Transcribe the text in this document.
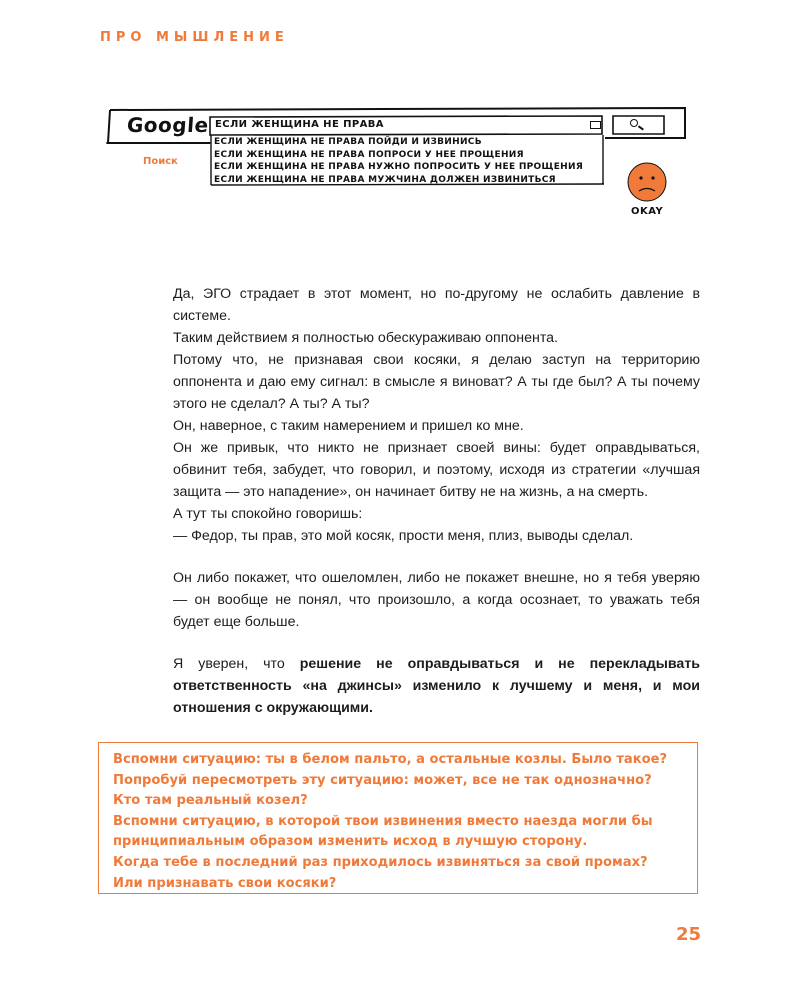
ПРО МЫШЛЕНИЕ
Google ЕСЛИ ЖЕНЩИНА НЕ ПРАВА
Поиск
ЕСЛИ ЖЕНЩИНА НЕ ПРАВА ПОЙДИ И ИЗВИНИСЬ
ЕСЛИ ЖЕНЩИНА НЕ ПРАВА ПОПРОСИ У НЕЕ ПРОЩЕНИЯ
ЕСЛИ ЖЕНЩИНА НЕ ПРАВА НУЖНО ПОПРОСИТЬ У НЕЕ ПРОЩЕНИЯ
ЕСЛИ ЖЕНЩИНА НЕ ПРАВА МУЖЧИНА ДОЛЖЕН ИЗВИНИТЬСЯ
OKAY

Да, ЭГО страдает в этот момент, но по-другому не ослабить давление в системе.

Таким действием я полностью обескураживаю оппонента.

Потому что, не признавая свои косяки, я делаю заступ на территорию оппонента и даю ему сигнал: в смысле я виноват? А ты где был? А ты почему этого не сделал? А ты? А ты?

Он, наверное, с таким намерением и пришел ко мне.

Он же привык, что никто не признает своей вины: будет оправдываться, обвинит тебя, забудет, что говорил, и поэтому, исходя из стратегии «лучшая защита — это нападение», он начинает битву не на жизнь, а на смерть.

А тут ты спокойно говоришь:

— Федор, ты прав, это мой косяк, прости меня, плиз, выводы сделал.

Он либо покажет, что ошеломлен, либо не покажет внешне, но я тебя уверяю — он вообще не понял, что произошло, а когда осознает, то уважать тебя будет еще больше.

Я уверен, что решение не оправдываться и не перекладывать ответственность «на джинсы» изменило к лучшему и меня, и мои отношения с окружающими.

Вспомни ситуацию: ты в белом пальто, а остальные козлы. Было такое?

Попробуй пересмотреть эту ситуацию: может, все не так однозначно?

Кто там реальный козел?

Вспомни ситуацию, в которой твои извинения вместо наезда могли бы

принципиальным образом изменить исход в лучшую сторону.

Когда тебе в последний раз приходилось извиняться за свой промах?

Или признавать свои косяки?

25
